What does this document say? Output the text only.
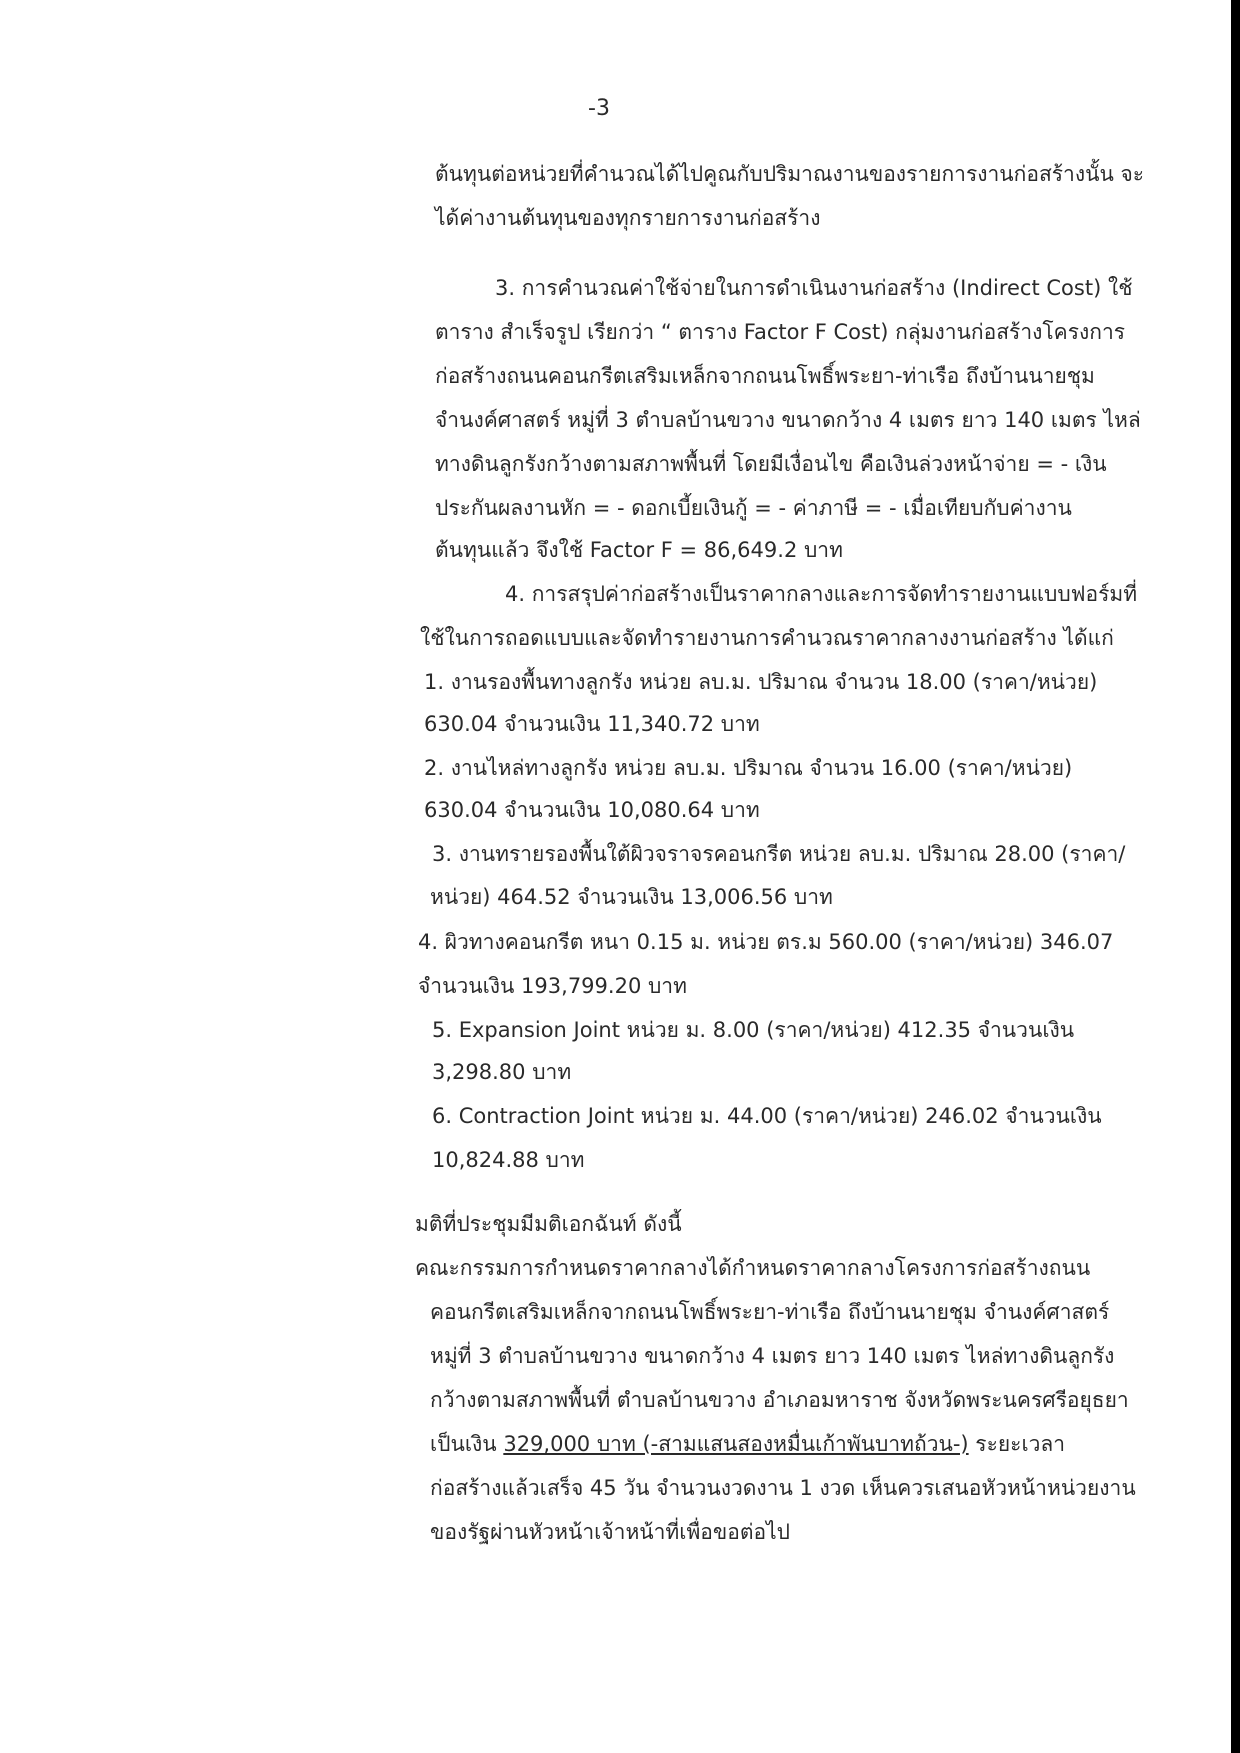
-3
ต้นทุนต่อหน่วยที่คำนวณได้ไปคูณกับปริมาณงานของรายการงานก่อสร้างนั้น จะ
ได้ค่างานต้นทุนของทุกรายการงานก่อสร้าง
3. การคำนวณค่าใช้จ่ายในการดำเนินงานก่อสร้าง (Indirect Cost) ใช้
ตาราง สำเร็จรูป เรียกว่า “ ตาราง Factor F Cost) กลุ่มงานก่อสร้างโครงการ
ก่อสร้างถนนคอนกรีตเสริมเหล็กจากถนนโพธิ์พระยา-ท่าเรือ ถึงบ้านนายชุม
จำนงค์ศาสตร์ หมู่ที่ 3 ตำบลบ้านขวาง ขนาดกว้าง 4 เมตร ยาว 140 เมตร ไหล่
ทางดินลูกรังกว้างตามสภาพพื้นที่ โดยมีเงื่อนไข คือเงินล่วงหน้าจ่าย = - เงิน
ประกันผลงานหัก = - ดอกเบี้ยเงินกู้ = - ค่าภาษี = - เมื่อเทียบกับค่างาน
ต้นทุนแล้ว จึงใช้ Factor F = 86,649.2 บาท
4. การสรุปค่าก่อสร้างเป็นราคากลางและการจัดทำรายงานแบบฟอร์มที่
ใช้ในการถอดแบบและจัดทำรายงานการคำนวณราคากลางงานก่อสร้าง ได้แก่
1. งานรองพื้นทางลูกรัง หน่วย ลบ.ม. ปริมาณ จำนวน 18.00 (ราคา/หน่วย)
630.04 จำนวนเงิน 11,340.72 บาท
2. งานไหล่ทางลูกรัง หน่วย ลบ.ม. ปริมาณ จำนวน 16.00 (ราคา/หน่วย)
630.04 จำนวนเงิน 10,080.64 บาท
3. งานทรายรองพื้นใต้ผิวจราจรคอนกรีต หน่วย ลบ.ม. ปริมาณ 28.00 (ราคา/
หน่วย) 464.52 จำนวนเงิน 13,006.56 บาท
4. ผิวทางคอนกรีต หนา 0.15 ม. หน่วย ตร.ม 560.00 (ราคา/หน่วย) 346.07
จำนวนเงิน 193,799.20 บาท
5. Expansion Joint หน่วย ม. 8.00 (ราคา/หน่วย) 412.35 จำนวนเงิน
3,298.80 บาท
6. Contraction Joint หน่วย ม. 44.00 (ราคา/หน่วย) 246.02 จำนวนเงิน
10,824.88 บาท
มติที่ประชุมมีมติเอกฉันท์ ดังนี้
คณะกรรมการกำหนดราคากลางได้กำหนดราคากลางโครงการก่อสร้างถนน
คอนกรีตเสริมเหล็กจากถนนโพธิ์พระยา-ท่าเรือ ถึงบ้านนายชุม จำนงค์ศาสตร์
หมู่ที่ 3 ตำบลบ้านขวาง ขนาดกว้าง 4 เมตร ยาว 140 เมตร ไหล่ทางดินลูกรัง
กว้างตามสภาพพื้นที่ ตำบลบ้านขวาง อำเภอมหาราช จังหวัดพระนครศรีอยุธยา
เป็นเงิน 329,000 บาท (-สามแสนสองหมื่นเก้าพันบาทถ้วน-) ระยะเวลา
ก่อสร้างแล้วเสร็จ 45 วัน จำนวนงวดงาน 1 งวด เห็นควรเสนอหัวหน้าหน่วยงาน
ของรัฐผ่านหัวหน้าเจ้าหน้าที่เพื่อขอต่อไป
